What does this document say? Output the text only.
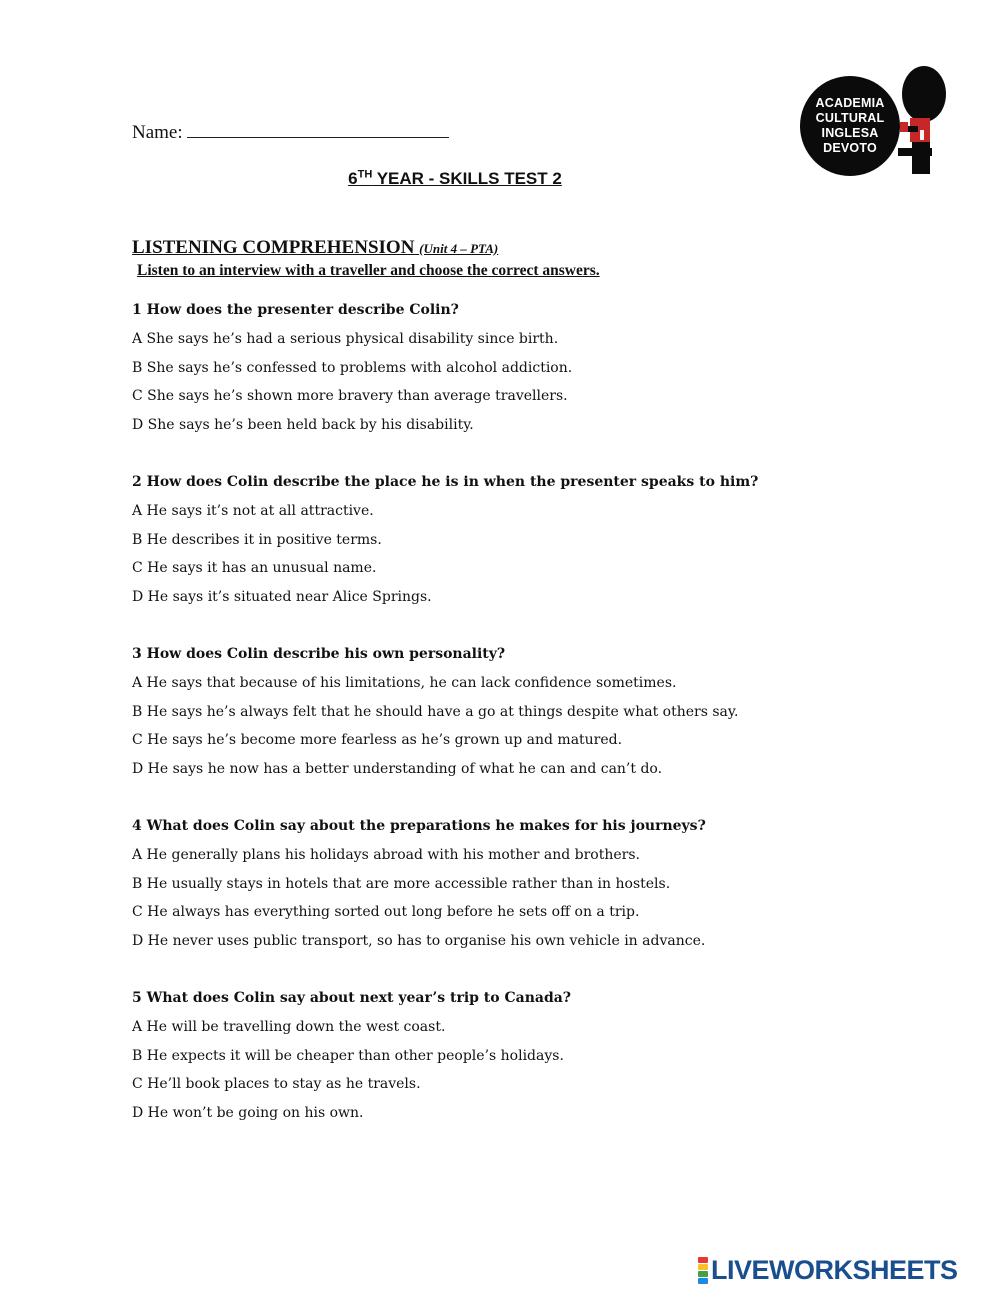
Name:
ACADEMIA
CULTURAL
INGLESA
DEVOTO
6TH YEAR - SKILLS TEST 2
LISTENING COMPREHENSION (Unit 4 – PTA)
Listen to an interview with a traveller and choose the correct answers.

1 How does the presenter describe Colin?

A She says he’s had a serious physical disability since birth.

B She says he’s confessed to problems with alcohol addiction.

C She says he’s shown more bravery than average travellers.

D She says he’s been held back by his disability.

2 How does Colin describe the place he is in when the presenter speaks to him?

A He says it’s not at all attractive.

B He describes it in positive terms.

C He says it has an unusual name.

D He says it’s situated near Alice Springs.

3 How does Colin describe his own personality?

A He says that because of his limitations, he can lack confidence sometimes.

B He says he’s always felt that he should have a go at things despite what others say.

C He says he’s become more fearless as he’s grown up and matured.

D He says he now has a better understanding of what he can and can’t do.

4 What does Colin say about the preparations he makes for his journeys?

A He generally plans his holidays abroad with his mother and brothers.

B He usually stays in hotels that are more accessible rather than in hostels.

C He always has everything sorted out long before he sets off on a trip.

D He never uses public transport, so has to organise his own vehicle in advance.

5 What does Colin say about next year’s trip to Canada?

A He will be travelling down the west coast.

B He expects it will be cheaper than other people’s holidays.

C He’ll book places to stay as he travels.

D He won’t be going on his own.

LIVEWORKSHEETS
